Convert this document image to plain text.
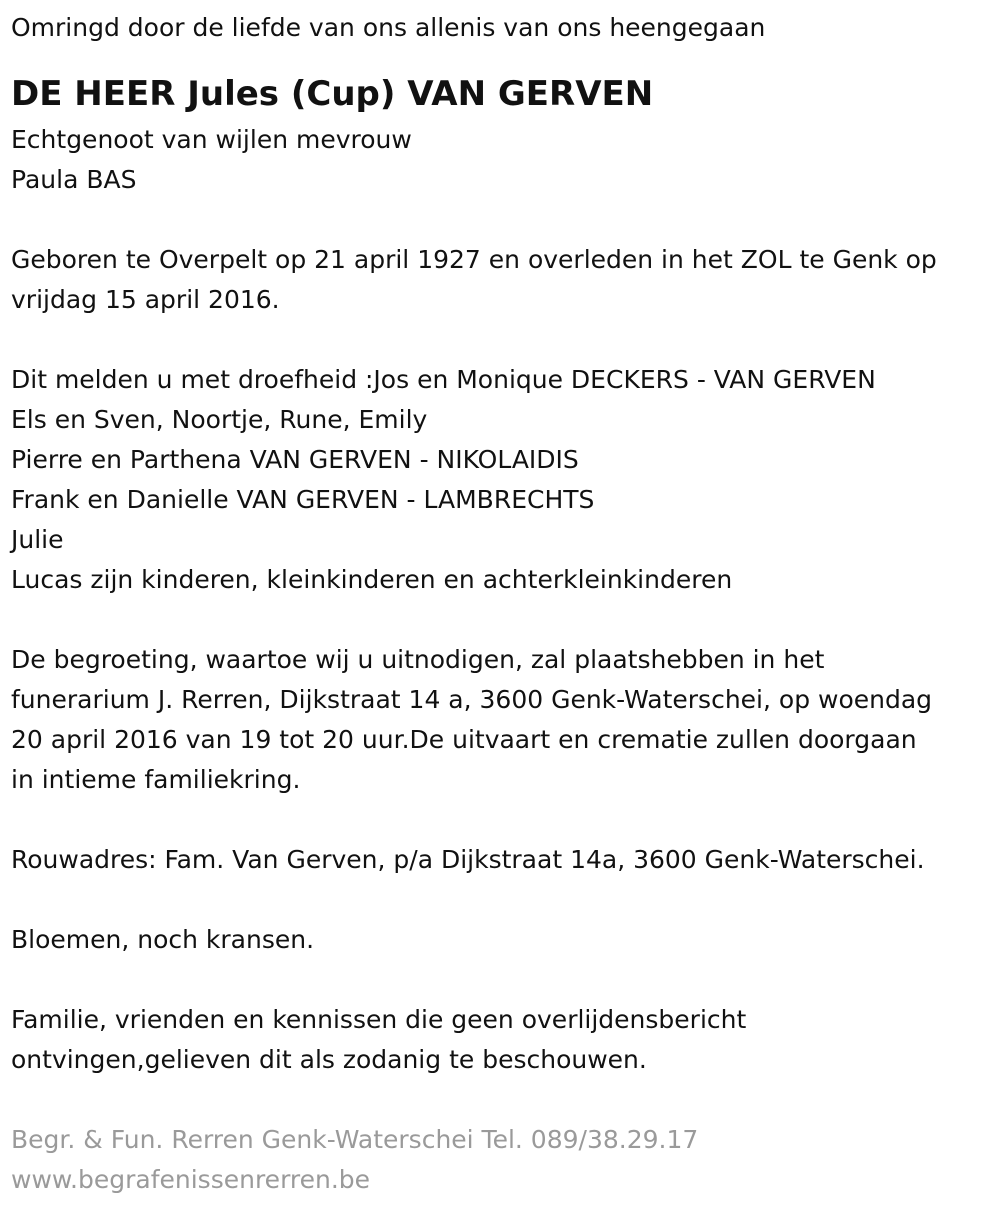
Omringd door de liefde van ons allenis van ons heengegaan

DE HEER Jules (Cup) VAN GERVEN

Echtgenoot van wijlen mevrouw

Paula BAS

Geboren te Overpelt op 21 april 1927 en overleden in het ZOL te Genk op

vrijdag 15 april 2016.

Dit melden u met droefheid :Jos en Monique DECKERS - VAN GERVEN

Els en Sven, Noortje, Rune, Emily

Pierre en Parthena VAN GERVEN - NIKOLAIDIS

Frank en Danielle VAN GERVEN - LAMBRECHTS

Julie

Lucas zijn kinderen, kleinkinderen en achterkleinkinderen

De begroeting, waartoe wij u uitnodigen, zal plaatshebben in het

funerarium J. Rerren, Dijkstraat 14 a, 3600 Genk-Waterschei, op woendag

20 april 2016 van 19 tot 20 uur.De uitvaart en crematie zullen doorgaan

in intieme familiekring.

Rouwadres: Fam. Van Gerven, p/a Dijkstraat 14a, 3600 Genk-Waterschei.

Bloemen, noch kransen.

Familie, vrienden en kennissen die geen overlijdensbericht

ontvingen,gelieven dit als zodanig te beschouwen.

Begr. & Fun. Rerren Genk-Waterschei Tel. 089/38.29.17

www.begrafenissenrerren.be
